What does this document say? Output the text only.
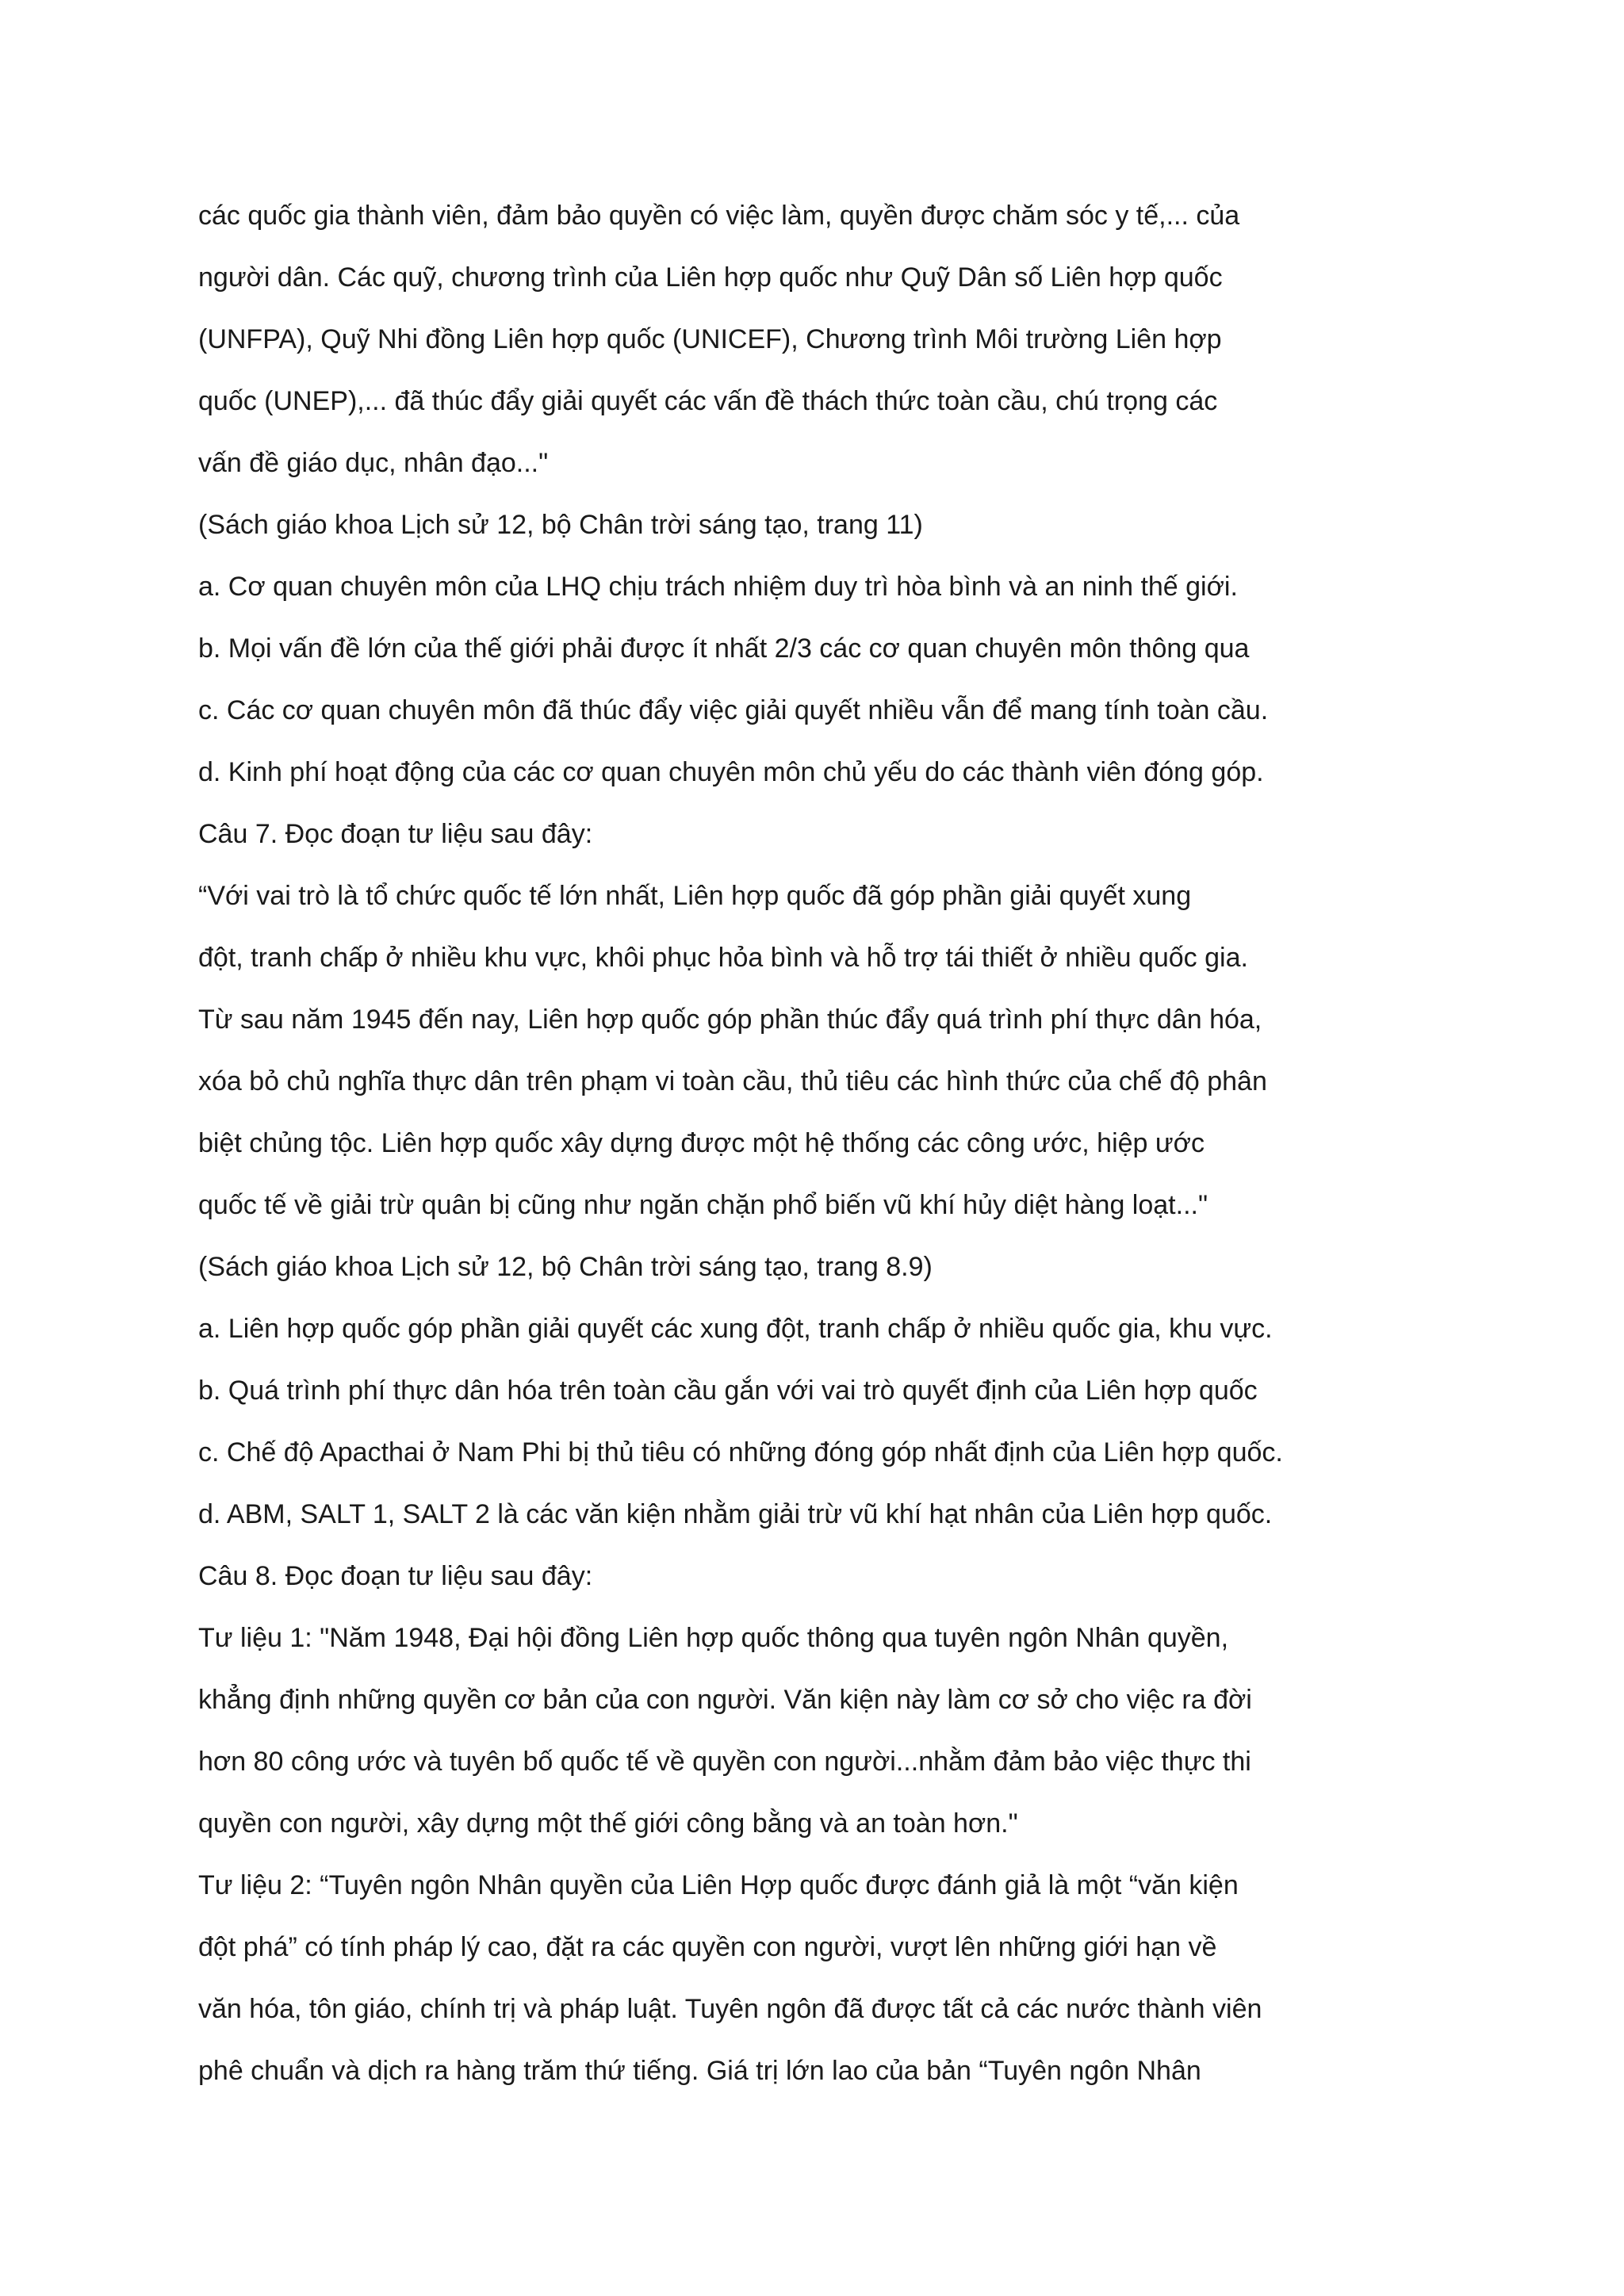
các quốc gia thành viên, đảm bảo quyền có việc làm, quyền được chăm sóc y tế,... của
người dân. Các quỹ, chương trình của Liên hợp quốc như Quỹ Dân số Liên hợp quốc
(UNFPA), Quỹ Nhi đồng Liên hợp quốc (UNICEF), Chương trình Môi trường Liên hợp
quốc (UNEP),... đã thúc đẩy giải quyết các vấn đề thách thức toàn cầu, chú trọng các
vấn đề giáo dục, nhân đạo..."
(Sách giáo khoa Lịch sử 12, bộ Chân trời sáng tạo, trang 11)
a. Cơ quan chuyên môn của LHQ chịu trách nhiệm duy trì hòa bình và an ninh thế giới.
b. Mọi vấn đề lớn của thế giới phải được ít nhất 2/3 các cơ quan chuyên môn thông qua
c. Các cơ quan chuyên môn đã thúc đẩy việc giải quyết nhiều vẫn để mang tính toàn cầu.
d. Kinh phí hoạt động của các cơ quan chuyên môn chủ yếu do các thành viên đóng góp.
Câu 7. Đọc đoạn tư liệu sau đây:
“Với vai trò là tổ chức quốc tế lớn nhất, Liên hợp quốc đã góp phần giải quyết xung
đột, tranh chấp ở nhiều khu vực, khôi phục hỏa bình và hỗ trợ tái thiết ở nhiều quốc gia.
Từ sau năm 1945 đến nay, Liên hợp quốc góp phần thúc đẩy quá trình phí thực dân hóa,
xóa bỏ chủ nghĩa thực dân trên phạm vi toàn cầu, thủ tiêu các hình thức của chế độ phân
biệt chủng tộc. Liên hợp quốc xây dựng được một hệ thống các công ước, hiệp ước
quốc tế về giải trừ quân bị cũng như ngăn chặn phổ biến vũ khí hủy diệt hàng loạt..."
(Sách giáo khoa Lịch sử 12, bộ Chân trời sáng tạo, trang 8.9)
a. Liên hợp quốc góp phần giải quyết các xung đột, tranh chấp ở nhiều quốc gia, khu vực.
b. Quá trình phí thực dân hóa trên toàn cầu gắn với vai trò quyết định của Liên hợp quốc
c. Chế độ Apacthai ở Nam Phi bị thủ tiêu có những đóng góp nhất định của Liên hợp quốc.
d. ABM, SALT 1, SALT 2 là các văn kiện nhằm giải trừ vũ khí hạt nhân của Liên hợp quốc.
Câu 8. Đọc đoạn tư liệu sau đây:
Tư liệu 1: "Năm 1948, Đại hội đồng Liên hợp quốc thông qua tuyên ngôn Nhân quyền,
khẳng định những quyền cơ bản của con người. Văn kiện này làm cơ sở cho việc ra đời
hơn 80 công ước và tuyên bố quốc tế về quyền con người...nhằm đảm bảo việc thực thi
quyền con người, xây dựng một thế giới công bằng và an toàn hơn."
Tư liệu 2: “Tuyên ngôn Nhân quyền của Liên Hợp quốc được đánh giả là một “văn kiện
đột phá” có tính pháp lý cao, đặt ra các quyền con người, vượt lên những giới hạn về
văn hóa, tôn giáo, chính trị và pháp luật. Tuyên ngôn đã được tất cả các nước thành viên
phê chuẩn và dịch ra hàng trăm thứ tiếng. Giá trị lớn lao của bản “Tuyên ngôn Nhân
